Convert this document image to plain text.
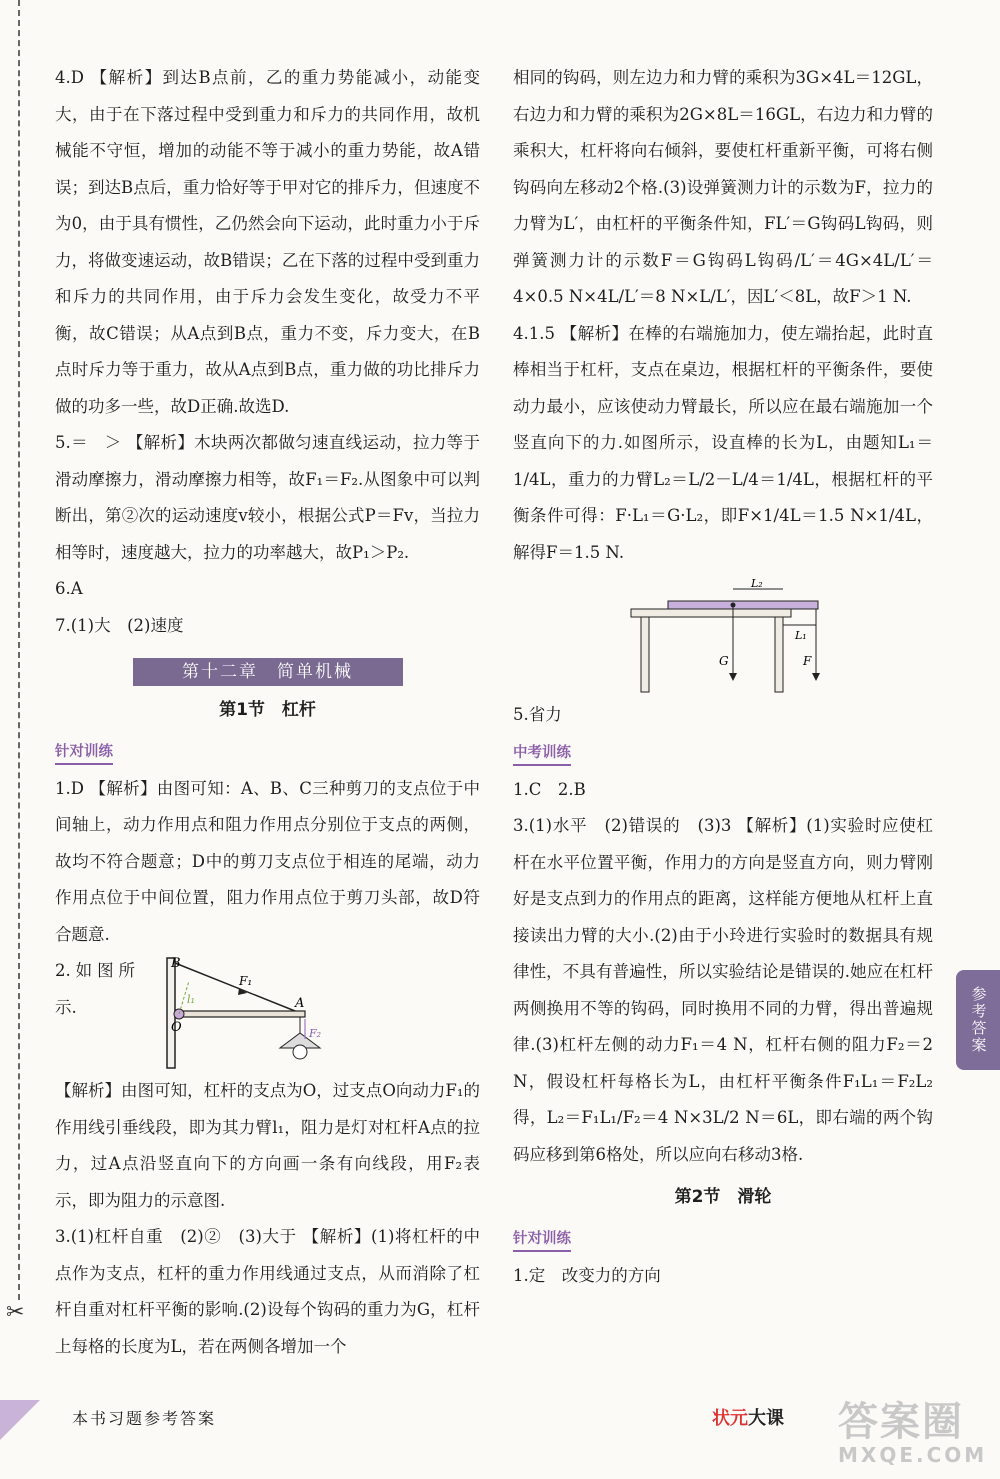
✂

4.D 【解析】到达B点前，乙的重力势能减小，动能变大，由于在下落过程中受到重力和斥力的共同作用，故机械能不守恒，增加的动能不等于减小的重力势能，故A错误；到达B点后，重力恰好等于甲对它的排斥力，但速度不为0，由于具有惯性，乙仍然会向下运动，此时重力小于斥力，将做变速运动，故B错误；乙在下落的过程中受到重力和斥力的共同作用，由于斥力会发生变化，故受力不平衡，故C错误；从A点到B点，重力不变，斥力变大，在B点时斥力等于重力，故从A点到B点，重力做的功比排斥力做的功多一些，故D正确.故选D.

5.＝　＞ 【解析】木块两次都做匀速直线运动，拉力等于滑动摩擦力，滑动摩擦力相等，故F₁＝F₂.从图象中可以判断出，第②次的运动速度v较小，根据公式P＝Fv，当拉力相等时，速度越大，拉力的功率越大，故P₁＞P₂.

6.A

7.(1)大　(2)速度

第十二章　简单机械
第1节　杠杆
针对训练

1.D 【解析】由图可知：A、B、C三种剪刀的支点位于中间轴上，动力作用点和阻力作用点分别位于支点的两侧，故均不符合题意；D中的剪刀支点位于相连的尾端，动力作用点位于中间位置，阻力作用点位于剪刀头部，故D符合题意.

2.如图所示.

B
O
A
F₁
F₂
l₁

【解析】由图可知，杠杆的支点为O，过支点O向动力F₁的作用线引垂线段，即为其力臂l₁，阻力是灯对杠杆A点的拉力，过A点沿竖直向下的方向画一条有向线段，用F₂表示，即为阻力的示意图.

3.(1)杠杆自重　(2)②　(3)大于 【解析】(1)将杠杆的中点作为支点，杠杆的重力作用线通过支点，从而消除了杠杆自重对杠杆平衡的影响.(2)设每个钩码的重力为G，杠杆上每格的长度为L，若在两侧各增加一个

相同的钩码，则左边力和力臂的乘积为3G×4L＝12GL，右边力和力臂的乘积为2G×8L＝16GL，右边力和力臂的乘积大，杠杆将向右倾斜，要使杠杆重新平衡，可将右侧钩码向左移动2个格.(3)设弹簧测力计的示数为F，拉力的力臂为L′，由杠杆的平衡条件知，FL′＝G钩码L钩码，则弹簧测力计的示数F＝G钩码L钩码/L′＝4G×4L/L′＝4×0.5 N×4L/L′＝8 N×L/L′，因L′＜8L，故F＞1 N.

4.1.5 【解析】在棒的右端施加力，使左端抬起，此时直棒相当于杠杆，支点在桌边，根据杠杆的平衡条件，要使动力最小，应该使动力臂最长，所以应在最右端施加一个竖直向下的力.如图所示，设直棒的长为L，由题知L₁＝1/4L，重力的力臂L₂＝L/2－L/4＝1/4L，根据杠杆的平衡条件可得：F·L₁＝G·L₂，即F×1/4L＝1.5 N×1/4L，解得F＝1.5 N.

L₂
L₁
G	F

5.省力

中考训练

1.C　2.B

3.(1)水平　(2)错误的　(3)3 【解析】(1)实验时应使杠杆在水平位置平衡，作用力的方向是竖直方向，则力臂刚好是支点到力的作用点的距离，这样能方便地从杠杆上直接读出力臂的大小.(2)由于小玲进行实验时的数据具有规律性，不具有普遍性，所以实验结论是错误的.她应在杠杆两侧换用不等的钩码，同时换用不同的力臂，得出普遍规律.(3)杠杆左侧的动力F₁＝4 N，杠杆右侧的阻力F₂＝2 N，假设杠杆每格长为L，由杠杆平衡条件F₁L₁＝F₂L₂得，L₂＝F₁L₁/F₂＝4 N×3L/2 N＝6L，即右端的两个钩码应移到第6格处，所以应向右移动3格.

第2节　滑轮
针对训练

1.定　改变力的方向

参考答案
本书习题参考答案	状元大课 答案圈
MXQE.COM
